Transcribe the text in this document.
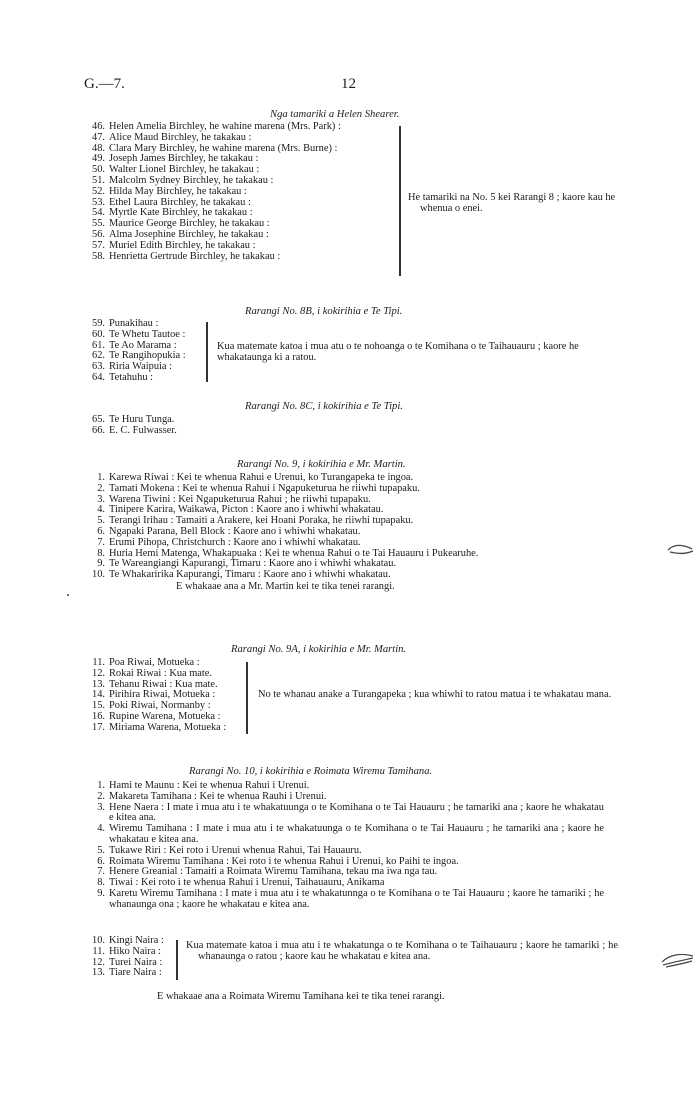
G.—7.	12
Nga tamariki a Helen Shearer.
46. Helen Amelia Birchley, he wahine marena (Mrs. Park) :
47. Alice Maud Birchley, he takakau :
48. Clara Mary Birchley, he wahine marena (Mrs. Burne) :
49. Joseph James Birchley, he takakau :
50. Walter Lionel Birchley, he takakau :
51. Malcolm Sydney Birchley, he takakau :
52. Hilda May Birchley, he takakau :
53. Ethel Laura Birchley, he takakau :
54. Myrtle Kate Birchley, he takakau :
55. Maurice George Birchley, he takakau :
56. Alma Josephine Birchley, he takakau :
57. Muriel Edith Birchley, he takakau :
58. Henrietta Gertrude Birchley, he takakau :
He tamariki na No. 5 kei Rarangi 8 ; kaore kau he whenua o enei.
Rarangi No. 8B, i kokirihia e Te Tipi.
59. Punakihau :
60. Te Whetu Tautoe :
61. Te Ao Marama :
62. Te Rangihopukia :
63. Riria Waipuia :
64. Tetahuhu :
Kua matemate katoa i mua atu o te nohoanga o te Komihana o te Taihauauru ; kaore he whakataunga ki a ratou.
Rarangi No. 8C, i kokirihia e Te Tipi.
65. Te Huru Tunga.
66. E. C. Fulwasser.
Rarangi No. 9, i kokirihia e Mr. Martin.
1. Karewa Riwai : Kei te whenua Rahui e Urenui, ko Turangapeka te ingoa.
2. Tamati Mokena : Kei te whenua Rahui i Ngapuketurua he riiwhi tupapaku.
3. Warena Tiwini : Kei Ngapuketurua Rahui ; he riiwhi tupapaku.
4. Tinipere Karira, Waikawa, Picton : Kaore ano i whiwhi whakatau.
5. Terangi Irihau : Tamaiti a Arakere, kei Hoani Poraka, he riiwhi tupapaku.
6. Ngapaki Parana, Bell Block : Kaore ano i whiwhi whakatau.
7. Erumi Pihopa, Christchurch : Kaore ano i whiwhi whakatau.
8. Huria Hemi Matenga, Whakapuaka : Kei te whenua Rahui o te Tai Hauauru i Pukearuhe.
9. Te Wareangiangi Kapurangi, Timaru : Kaore ano i whiwhi whakatau.
10. Te Whakaririka Kapurangi, Timaru : Kaore ano i whiwhi whakatau.
E whakaae ana a Mr. Martin kei te tika tenei rarangi.
Rarangi No. 9A, i kokirihia e Mr. Martin.
11. Poa Riwai, Motueka :
12. Rokai Riwai : Kua mate.
13. Tehanu Riwai : Kua mate.
14. Pirihira Riwai, Motueka :
15. Poki Riwai, Normanby :
16. Rupine Warena, Motueka :
17. Miriama Warena, Motueka :
No te whanau anake a Turangapeka ; kua whiwhi to ratou matua i te whakatau mana.
Rarangi No. 10, i kokirihia e Roimata Wiremu Tamihana.
1. Hami te Maunu : Kei te whenua Rahui i Urenui.
2. Makareta Tamihana : Kei te whenua Rauhi i Urenui.
3. Hene Naera : I mate i mua atu i te whakatuunga o te Komihana o te Tai Hauauru ; he tamariki ana ; kaore he whakatau e kitea ana.
4. Wiremu Tamihana : I mate i mua atu i te whakatuunga o te Komihana o te Tai Hauauru ; he tamariki ana ; kaore he whakatau e kitea ana.
5. Tukawe Riri : Kei roto i Urenui whenua Rahui, Tai Hauauru.
6. Roimata Wiremu Tamihana : Kei roto i te whenua Rahui i Urenui, ko Paihi te ingoa.
7. Henere Greanial : Tamaiti a Roimata Wiremu Tamihana, tekau ma iwa nga tau.
8. Tiwai : Kei roto i te whenua Rahui i Urenui, Taihauauru, Anikama
9. Karetu Wiremu Tamihana : I mate i mua atu i te whakatunnga o te Komihana o te Tai Hauauru ; kaore he tamariki ; he whanaunga ona ; kaore he whakatau e kitea ana.
10. Kingi Naira :
11. Hiko Naira :
12. Turei Naira :
13. Tiare Naira :
Kua matemate katoa i mua atu i te whakatunga o te Komihana o te Taihauauru ; kaore he tamariki ; he whanaunga o ratou ; kaore kau he whakatau e kitea ana.
E whakaae ana a Roimata Wiremu Tamihana kei te tika tenei rarangi.
